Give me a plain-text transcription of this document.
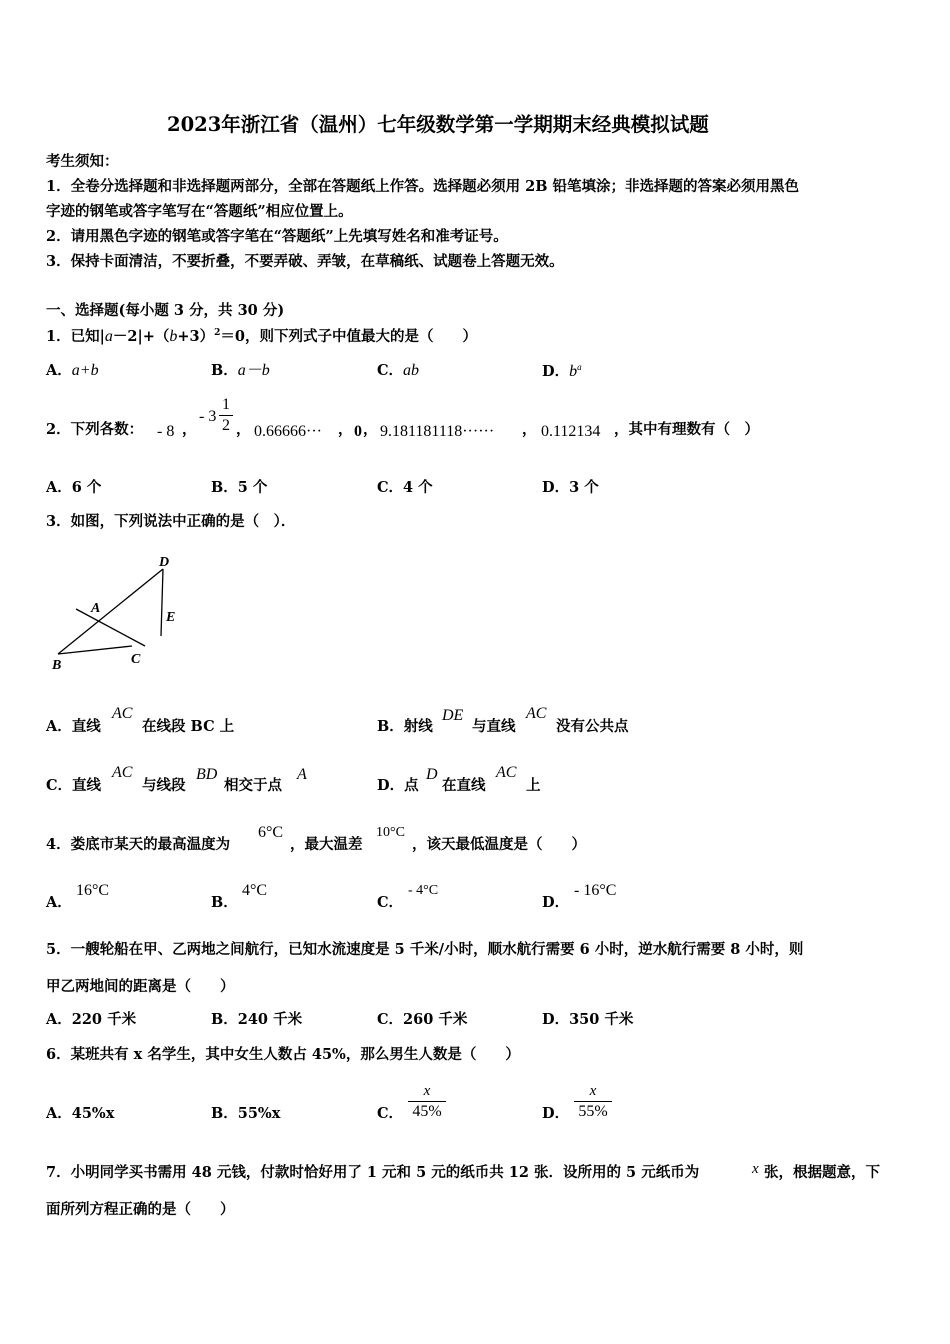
2023年浙江省（温州）七年级数学第一学期期末经典模拟试题
考生须知：
1．全卷分选择题和非选择题两部分，全部在答题纸上作答。选择题必须用 2B 铅笔填涂；非选择题的答案必须用黑色
字迹的钢笔或答字笔写在“答题纸”相应位置上。
2．请用黑色字迹的钢笔或答字笔在“答题纸”上先填写姓名和准考证号。
3．保持卡面清洁，不要折叠，不要弄破、弄皱，在草稿纸、试题卷上答题无效。
一、选择题(每小题 3 分，共 30 分)
1．已知$|a-2|+(b+3)^2=0$，则下列式子中值最大的是（　　）
A．a+b	B．a－b	C．ab	D．$b^a$
2．下列各数： - 8 ，
- 3
1
2 ， 0.66666··· ， 0 ， 9.181181118······ ， 0.112134 ，其中有理数有（　）
A．6 个	B．5 个	C．4 个	D．3 个
3．如图，下列说法中正确的是（　）．
D
A
E
B	C
A．直线
AC
在线段 BC 上	B．射线
DE
与直线
AC
没有公共点
C．直线
AC
与线段
BD
相交于点
A
D．点
D
在直线
AC
上
4．娄底市某天的最高温度为
6°C
，最大温差
10°C
，该天最低温度是（　　）
A．
16°C
B．
4°C
C．
- 4°C
D．
- 16°C
5．一艘轮船在甲、乙两地之间航行，已知水流速度是 5 千米/小时，顺水航行需要 6 小时，逆水航行需要 8 小时，则
甲乙两地间的距离是（　　）
A．220 千米	B．240 千米	C．260 千米	D．350 千米
6．某班共有 x 名学生，其中女生人数占 45%，那么男生人数是（　　）
A．45%x	B．55%x	C．
x
45%	D．
x
55%
7．小明同学买书需用 48 元钱，付款时恰好用了 1 元和 5 元的纸币共 12 张．设所用的 5 元纸币为	x 张，根据题意，下
面所列方程正确的是（　　）
